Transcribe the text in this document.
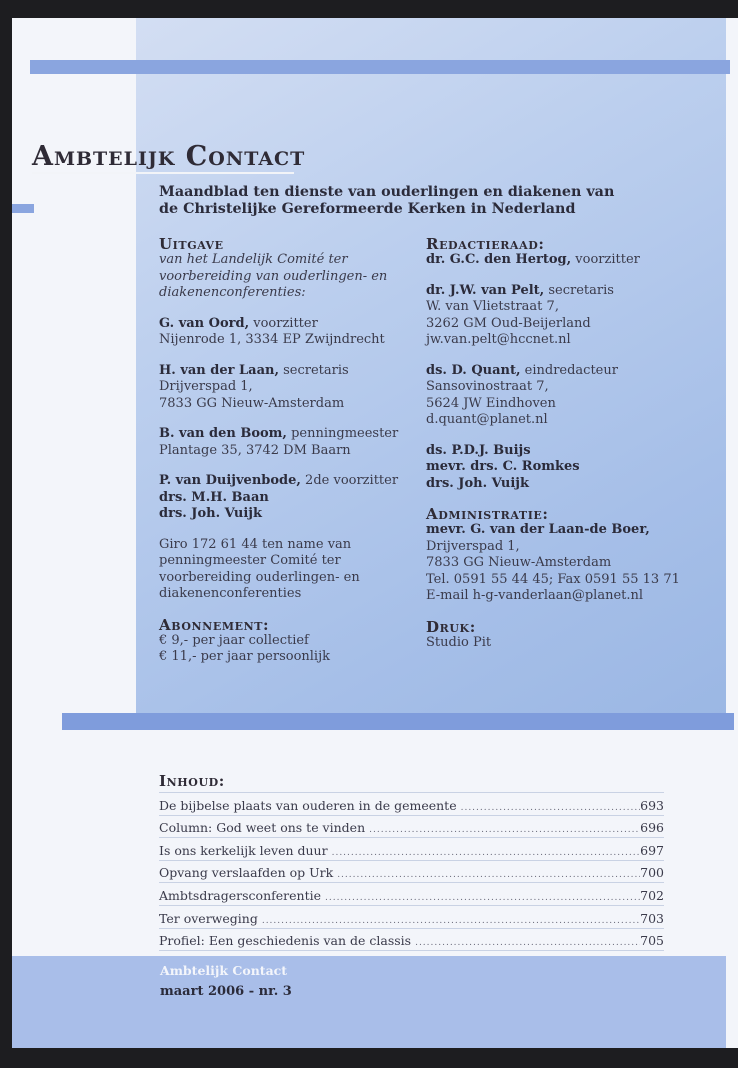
Ambtelijk Contact
Maandblad ten dienste van ouderlingen en diakenen van de Christelijke Gereformeerde Kerken in Nederland
Uitgave
van het Landelijk Comité ter voorbereiding van ouderlingen- en diakenenconferenties:
G. van Oord, voorzitter
Nijenrode 1, 3334 EP Zwijndrecht
H. van der Laan, secretaris
Drijverspad 1,
7833 GG Nieuw-Amsterdam
B. van den Boom, penningmeester
Plantage 35, 3742 DM Baarn
P. van Duijvenbode, 2de voorzitter
drs. M.H. Baan
drs. Joh. Vuijk
Giro 172 61 44 ten name van penningmeester Comité ter voorbereiding ouderlingen- en diakenenconferenties
Abonnement:
€ 9,- per jaar collectief
€ 11,- per jaar persoonlijk
Redactieraad:
dr. G.C. den Hertog, voorzitter
dr. J.W. van Pelt, secretaris
W. van Vlietstraat 7,
3262 GM Oud-Beijerland
jw.van.pelt@hccnet.nl
ds. D. Quant, eindredacteur
Sansovinostraat 7,
5624 JW Eindhoven
d.quant@planet.nl
ds. P.D.J. Buijs
mevr. drs. C. Romkes
drs. Joh. Vuijk
Administratie:
mevr. G. van der Laan-de Boer,
Drijverspad 1,
7833 GG Nieuw-Amsterdam
Tel. 0591 55 44 45; Fax 0591 55 13 71
E-mail h-g-vanderlaan@planet.nl
Druk:
Studio Pit
Inhoud:
De bijbelse plaats van ouderen in de gemeente .....	693
Column: God weet ons te vinden .....	696
Is ons kerkelijk leven duur .....	697
Opvang verslaafden op Urk .....	700
Ambtsdragersconferentie .....	702
Ter overweging .....	703
Profiel: Een geschiedenis van de classis .....	705
Ambtelijk Contact
maart 2006 - nr. 3
